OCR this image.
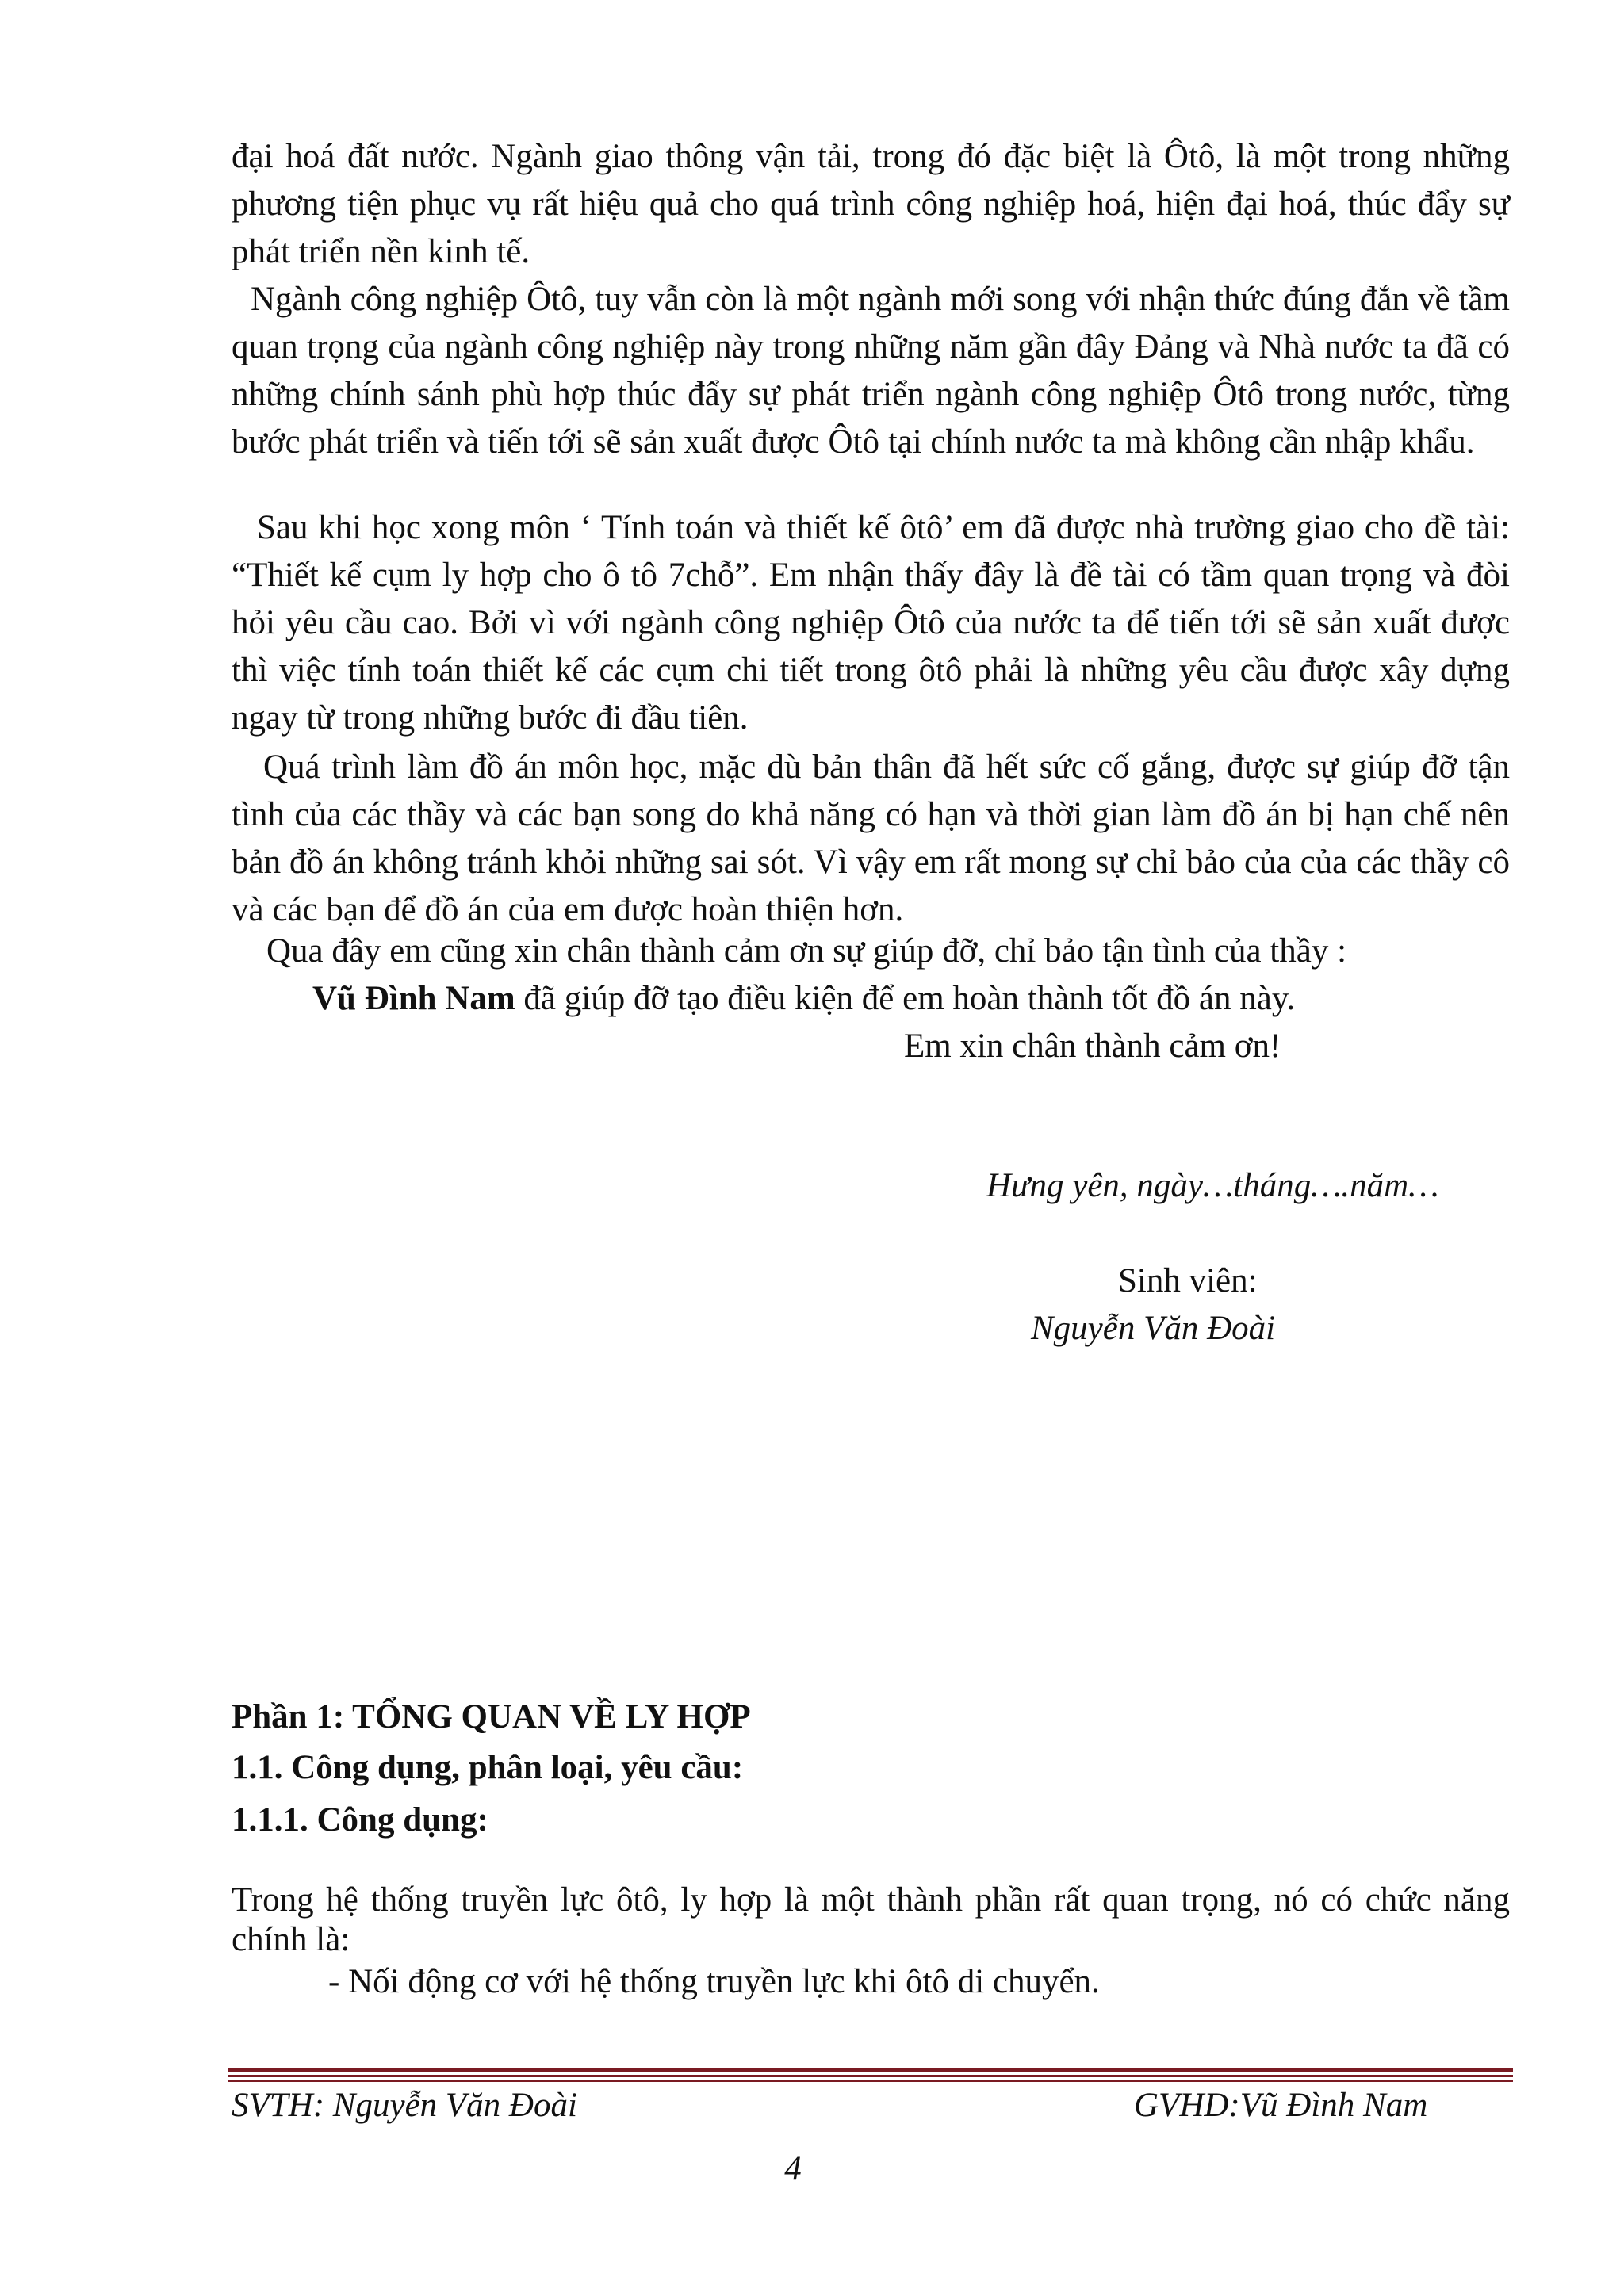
đại hoá đất nước. Ngành giao thông vận tải, trong đó đặc biệt là Ôtô, là một trong những phương tiện phục vụ rất hiệu quả cho quá trình công nghiệp hoá, hiện đại hoá, thúc đẩy sự phát triển nền kinh tế.

Ngành công nghiệp Ôtô, tuy vẫn còn là một ngành mới song với nhận thức đúng đắn về tầm quan trọng của ngành công nghiệp này trong những năm gần đây Đảng và Nhà nước ta đã có những chính sánh phù hợp thúc đẩy sự phát triển ngành công nghiệp Ôtô trong nước, từng bước phát triển và tiến tới sẽ sản xuất được Ôtô tại chính nước ta mà không cần nhập khẩu.

Sau khi học xong môn ‘ Tính toán và thiết kế ôtô’ em đã được nhà trường giao cho đề tài: “Thiết kế cụm ly hợp cho ô tô 7chỗ”. Em nhận thấy đây là đề tài có tầm quan trọng và đòi hỏi yêu cầu cao. Bởi vì với ngành công nghiệp Ôtô của nước ta để tiến tới sẽ sản xuất được thì việc tính toán thiết kế các cụm chi tiết trong ôtô phải là những yêu cầu được xây dựng ngay từ trong những bước đi đầu tiên.

Quá trình làm đồ án môn học, mặc dù bản thân đã hết sức cố gắng, được sự giúp đỡ tận tình của các thầy và các bạn song do khả năng có hạn và thời gian làm đồ án bị hạn chế nên bản đồ án không tránh khỏi những sai sót. Vì vậy em rất mong sự chỉ bảo của của các thầy cô và các bạn để đồ án của em được hoàn thiện hơn.

Qua đây em cũng xin chân thành cảm ơn sự giúp đỡ, chỉ bảo tận tình của thầy :
Vũ Đình Nam đã giúp đỡ tạo điều kiện để em hoàn thành tốt đồ án này.
Em xin chân thành cảm ơn!
Hưng yên, ngày…tháng….năm…
Sinh viên:
Nguyễn Văn Đoài
Phần 1: TỔNG QUAN VỀ LY HỢP
1.1. Công dụng, phân loại, yêu cầu:
1.1.1. Công dụng:
Trong hệ thống truyền lực ôtô, ly hợp là một thành phần rất quan trọng, nó có chức năng chính là:
- Nối động cơ với hệ thống truyền lực khi ôtô di chuyển.
SVTH: Nguyễn Văn Đoài	GVHD:Vũ Đình Nam
4
